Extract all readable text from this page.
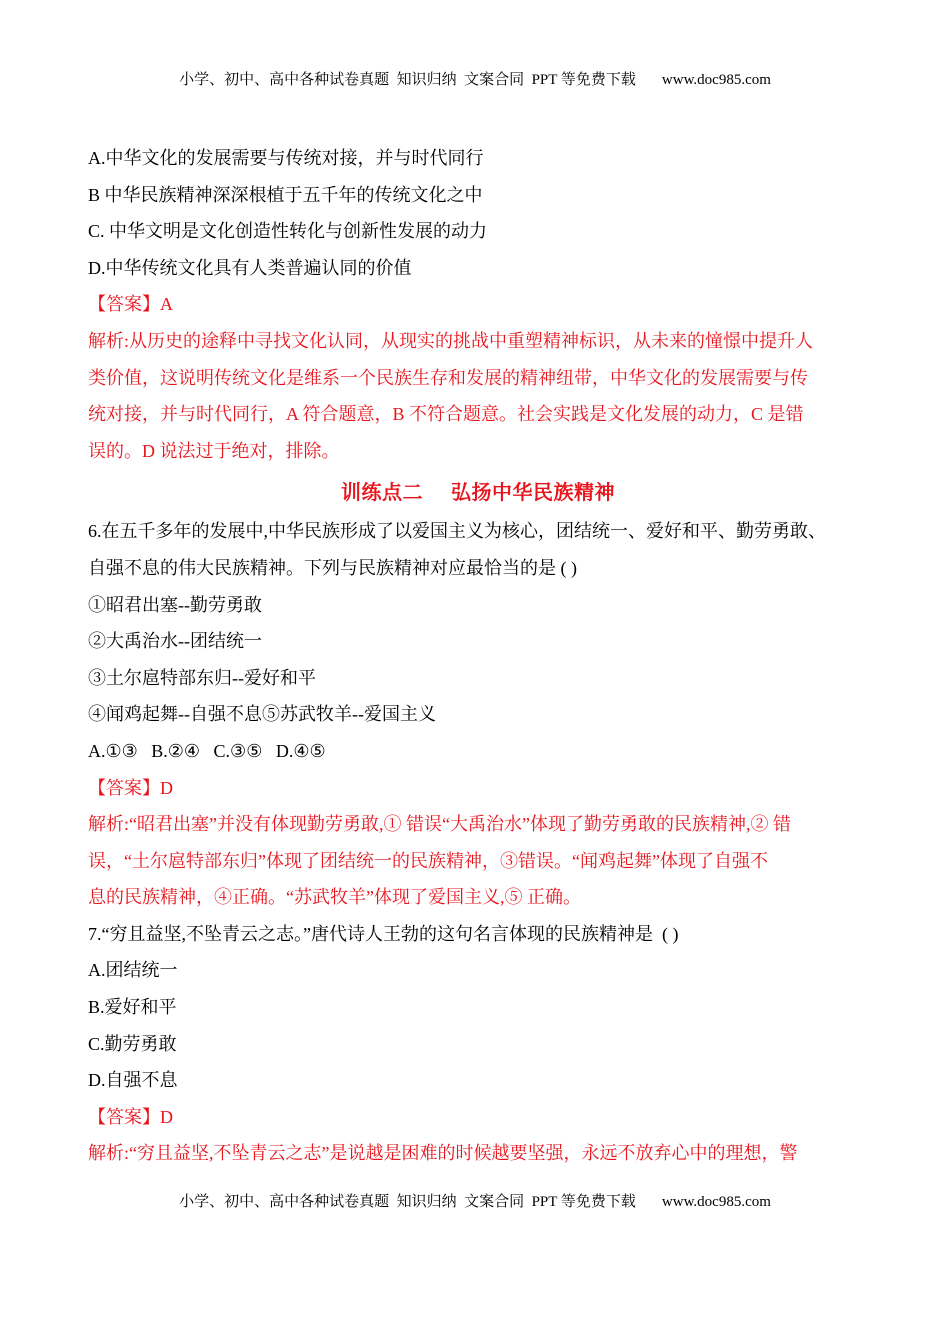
小学、初中、高中各种试卷真题  知识归纳  文案合同  PPT 等免费下载 www.doc985.com
A.中华文化的发展需要与传统对接，并与时代同行
B 中华民族精神深深根植于五千年的传统文化之中
C. 中华文明是文化创造性转化与创新性发展的动力
D.中华传统文化具有人类普遍认同的价值
【答案】A
解析:从历史的途释中寻找文化认同，从现实的挑战中重塑精神标识，从未来的憧憬中提升人
类价值，这说明传统文化是维系一个民族生存和发展的精神纽带，中华文化的发展需要与传
统对接，并与时代同行，A 符合题意，B 不符合题意。社会实践是文化发展的动力，C 是错
误的。D 说法过于绝对，排除。
训练点二 弘扬中华民族精神
6.在五千多年的发展中,中华民族形成了以爱国主义为核心，团结统一、爱好和平、勤劳勇敢、
自强不息的伟大民族精神。下列与民族精神对应最恰当的是 ( )
①昭君出塞--勤劳勇敢
②大禹治水--团结统一
③土尔扈特部东归--爱好和平
④闻鸡起舞--自强不息⑤苏武牧羊--爱国主义
A.①③   B.②④   C.③⑤   D.④⑤
【答案】D
解析:“昭君出塞”并没有体现勤劳勇敢,① 错误“大禹治水”体现了勤劳勇敢的民族精神,② 错
误，“土尔扈特部东归”体现了团结统一的民族精神，③错误。“闻鸡起舞”体现了自强不
息的民族精神，④正确。“苏武牧羊”体现了爱国主义,⑤ 正确。
7.“穷且益坚,不坠青云之志。”唐代诗人王勃的这句名言体现的民族精神是  ( )
A.团结统一
B.爱好和平
C.勤劳勇敢
D.自强不息
【答案】D
解析:“穷且益坚,不坠青云之志”是说越是困难的时候越要坚强，永远不放弃心中的理想，警
小学、初中、高中各种试卷真题  知识归纳  文案合同  PPT 等免费下载 www.doc985.com
